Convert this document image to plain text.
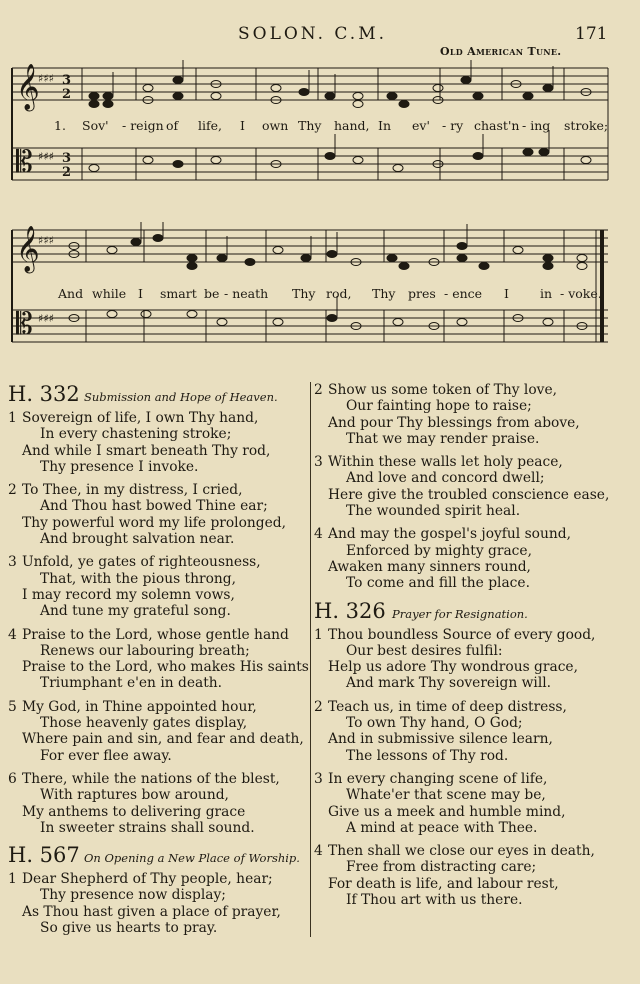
SOLON. C.M.	171
Old American Tune.
𝄞
𝄡
♯♯♯
♯♯♯
3
2
3
2
1. Sov' - reign of life, I own Thy hand, In ev' - ry chast'n - ing stroke;
𝄞
𝄡
♯♯♯
♯♯♯
And while I smart be - neath Thy rod, Thy pres - ence I in - voke.
H. 332 Submission and Hope of Heaven.
1 Sovereign of life, I own Thy hand,
In every chastening stroke;
And while I smart beneath Thy rod,
Thy presence I invoke.
2 To Thee, in my distress, I cried,
And Thou hast bowed Thine ear;
Thy powerful word my life prolonged,
And brought salvation near.
3 Unfold, ye gates of righteousness,
That, with the pious throng,
I may record my solemn vows,
And tune my grateful song.
4 Praise to the Lord, whose gentle hand
Renews our labouring breath;
Praise to the Lord, who makes His saints
Triumphant e'en in death.
5 My God, in Thine appointed hour,
Those heavenly gates display,
Where pain and sin, and fear and death,
For ever flee away.
6 There, while the nations of the blest,
With raptures bow around,
My anthems to delivering grace
In sweeter strains shall sound.
H. 567 On Opening a New Place of Worship.
1 Dear Shepherd of Thy people, hear;
Thy presence now display;
As Thou hast given a place of prayer,
So give us hearts to pray.
2 Show us some token of Thy love,
Our fainting hope to raise;
And pour Thy blessings from above,
That we may render praise.
3 Within these walls let holy peace,
And love and concord dwell;
Here give the troubled conscience ease,
The wounded spirit heal.
4 And may the gospel's joyful sound,
Enforced by mighty grace,
Awaken many sinners round,
To come and fill the place.
H. 326 Prayer for Resignation.
1 Thou boundless Source of every good,
Our best desires fulfil:
Help us adore Thy wondrous grace,
And mark Thy sovereign will.
2 Teach us, in time of deep distress,
To own Thy hand, O God;
And in submissive silence learn,
The lessons of Thy rod.
3 In every changing scene of life,
Whate'er that scene may be,
Give us a meek and humble mind,
A mind at peace with Thee.
4 Then shall we close our eyes in death,
Free from distracting care;
For death is life, and labour rest,
If Thou art with us there.
